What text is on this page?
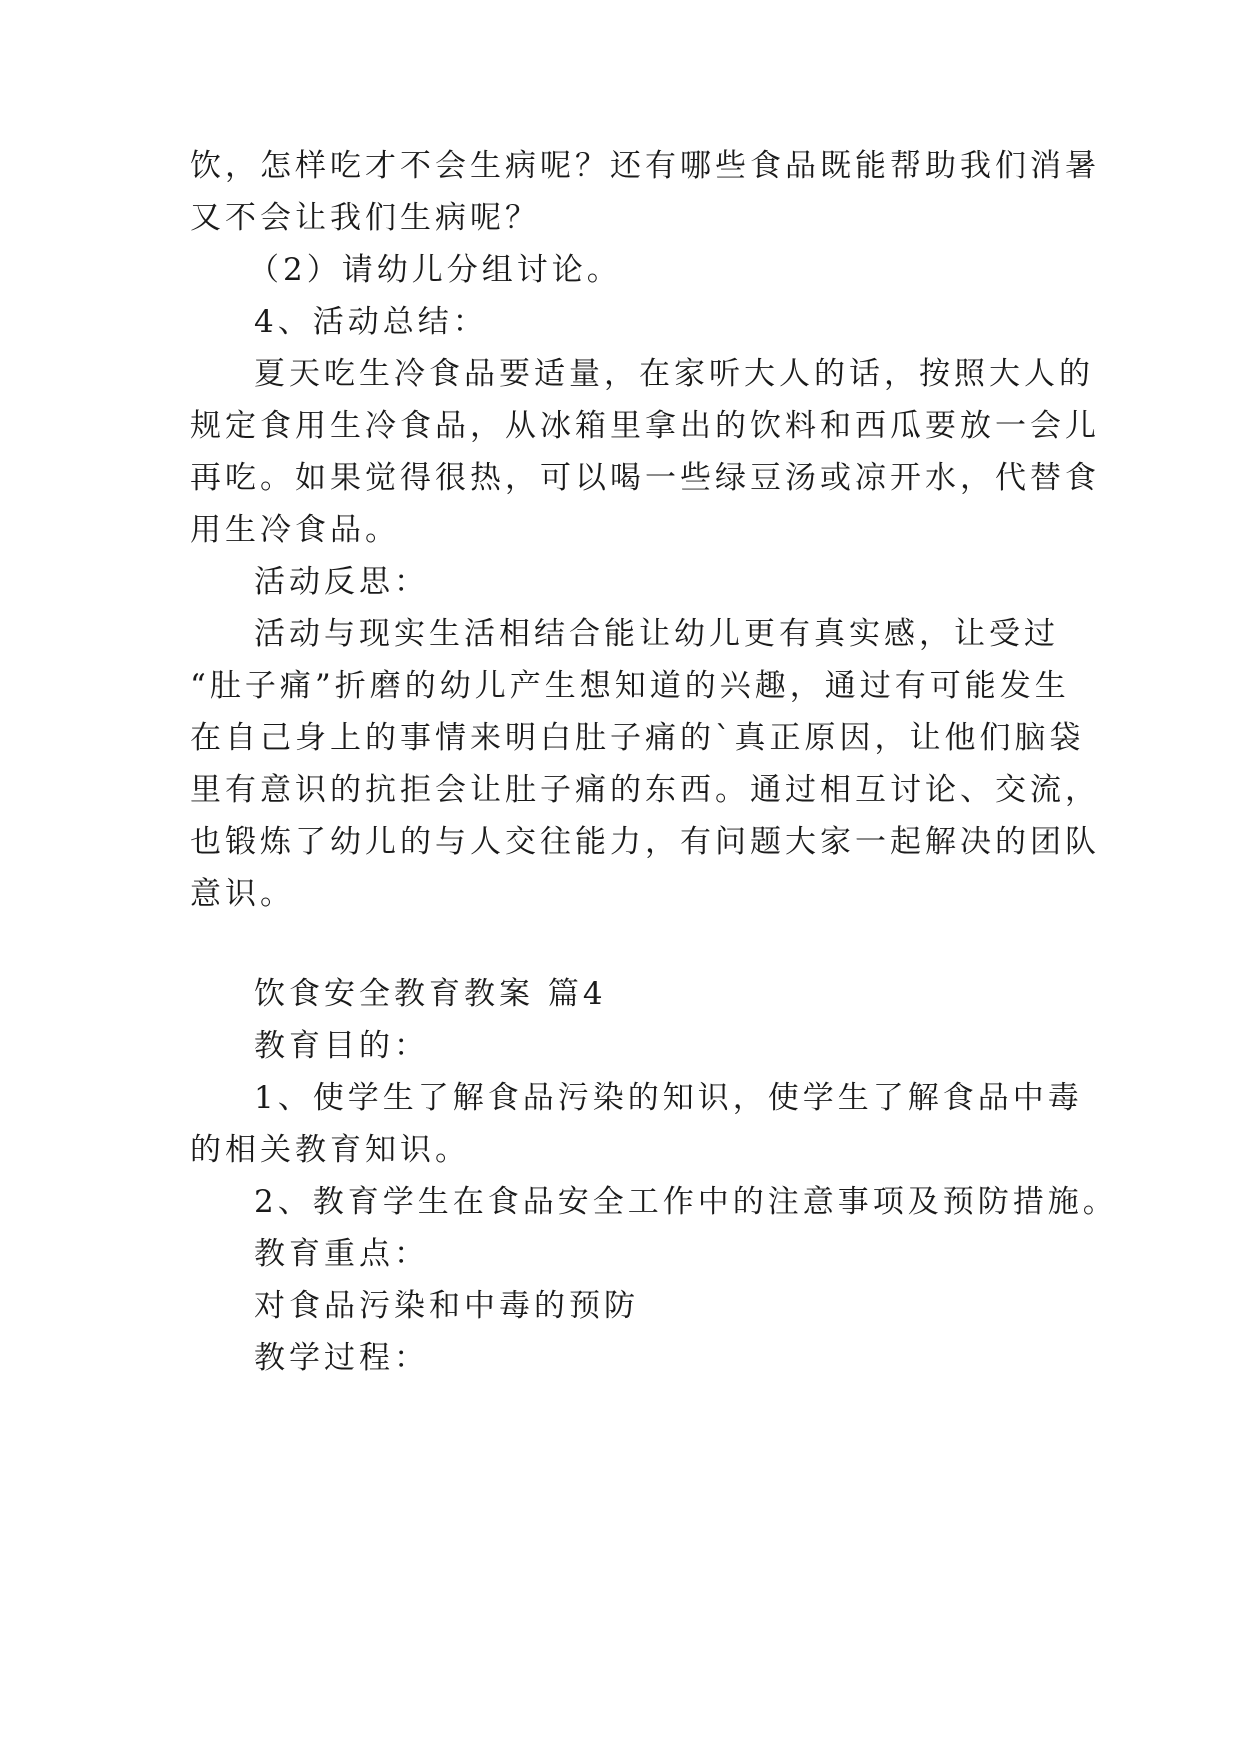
饮，怎样吃才不会生病呢？还有哪些食品既能帮助我们消暑
又不会让我们生病呢？
（2）请幼儿分组讨论。
4、活动总结：
夏天吃生冷食品要适量，在家听大人的话，按照大人的
规定食用生冷食品，从冰箱里拿出的饮料和西瓜要放一会儿
再吃。如果觉得很热，可以喝一些绿豆汤或凉开水，代替食
用生冷食品。
活动反思：
活动与现实生活相结合能让幼儿更有真实感，让受过
“肚子痛”折磨的幼儿产生想知道的兴趣，通过有可能发生
在自己身上的事情来明白肚子痛的`真正原因，让他们脑袋
里有意识的抗拒会让肚子痛的东西。通过相互讨论、交流，
也锻炼了幼儿的与人交往能力，有问题大家一起解决的团队
意识。
饮食安全教育教案 篇4
教育目的：
1、使学生了解食品污染的知识，使学生了解食品中毒
的相关教育知识。
2、教育学生在食品安全工作中的注意事项及预防措施。
教育重点：
对食品污染和中毒的预防
教学过程：
